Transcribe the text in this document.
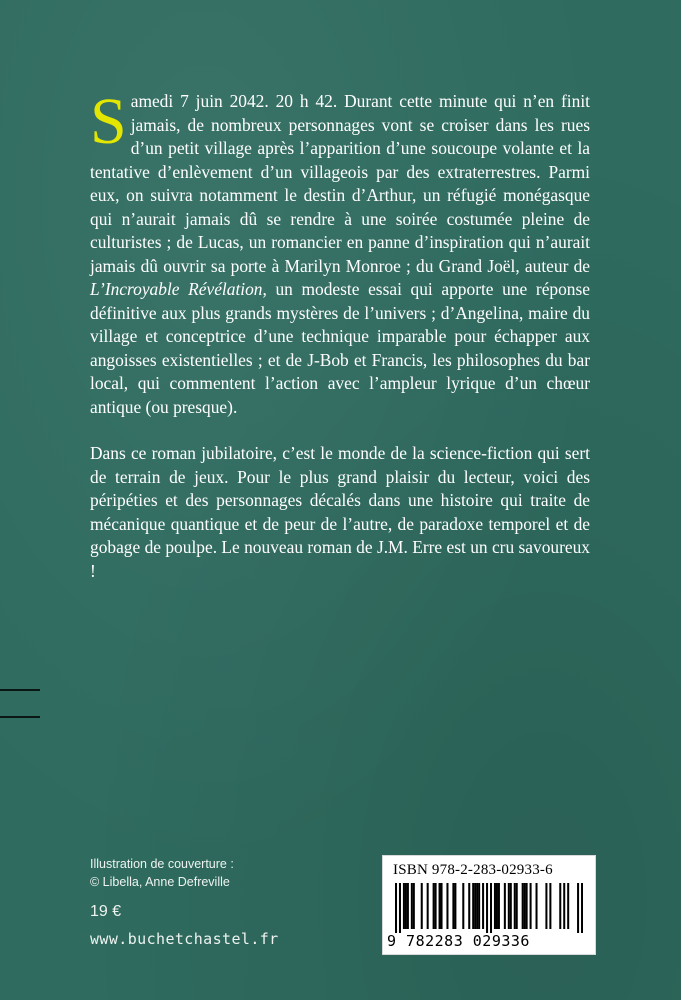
Samedi 7 juin 2042. 20 h 42. Durant cette minute qui n’en finit jamais, de nombreux personnages vont se croiser dans les rues d’un petit village après l’apparition d’une soucoupe volante et la tentative d’enlèvement d’un villageois par des extraterrestres. Parmi eux, on suivra notamment le destin d’Arthur, un réfugié monégasque qui n’aurait jamais dû se rendre à une soirée costumée pleine de culturistes ; de Lucas, un romancier en panne d’inspiration qui n’aurait jamais dû ouvrir sa porte à Marilyn Monroe ; du Grand Joël, auteur de L’Incroyable Révélation, un modeste essai qui apporte une réponse définitive aux plus grands mystères de l’univers ; d’Angelina, maire du village et conceptrice d’une technique imparable pour échapper aux angoisses existentielles ; et de J-Bob et Francis, les philosophes du bar local, qui commentent l’action avec l’ampleur lyrique d’un chœur antique (ou presque).

Dans ce roman jubilatoire, c’est le monde de la science-fiction qui sert de terrain de jeux. Pour le plus grand plaisir du lecteur, voici des péripéties et des personnages décalés dans une histoire qui traite de mécanique quantique et de peur de l’autre, de paradoxe temporel et de gobage de poulpe. Le nouveau roman de J.M. Erre est un cru savoureux !

Illustration de couverture :
© Libella, Anne Defreville
19 €
www.buchetchastel.fr
ISBN 978-2-283-02933-6
9 782283 029336
